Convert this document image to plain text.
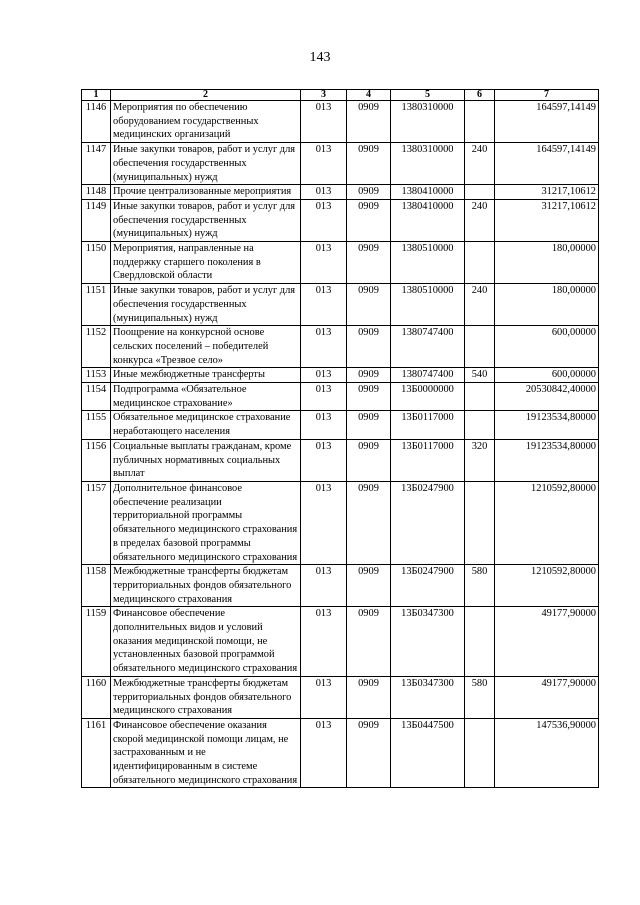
143
1	2	3	4	5	6	7
1146	Мероприятия по обеспечению оборудованием государственных медицинских организаций	013	0909	1380310000		164597,14149
1147	Иные закупки товаров, работ и услуг для обеспечения государственных (муниципальных) нужд	013	0909	1380310000	240	164597,14149
1148	Прочие централизованные мероприятия	013	0909	1380410000		31217,10612
1149	Иные закупки товаров, работ и услуг для обеспечения государственных (муниципальных) нужд	013	0909	1380410000	240	31217,10612
1150	Мероприятия, направленные на поддержку старшего поколения в Свердловской области	013	0909	1380510000		180,00000
1151	Иные закупки товаров, работ и услуг для обеспечения государственных (муниципальных) нужд	013	0909	1380510000	240	180,00000
1152	Поощрение на конкурсной основе сельских поселений – победителей конкурса «Трезвое село»	013	0909	1380747400		600,00000
1153	Иные межбюджетные трансферты	013	0909	1380747400	540	600,00000
1154	Подпрограмма «Обязательное медицинское страхование»	013	0909	13Б0000000		20530842,40000
1155	Обязательное медицинское страхование неработающего населения	013	0909	13Б0117000		19123534,80000
1156	Социальные выплаты гражданам, кроме публичных нормативных социальных выплат	013	0909	13Б0117000	320	19123534,80000
1157	Дополнительное финансовое обеспечение реализации территориальной программы обязательного медицинского страхования в пределах базовой программы обязательного медицинского страхования	013	0909	13Б0247900		1210592,80000
1158	Межбюджетные трансферты бюджетам территориальных фондов обязательного медицинского страхования	013	0909	13Б0247900	580	1210592,80000
1159	Финансовое обеспечение дополнительных видов и условий оказания медицинской помощи, не установленных базовой программой обязательного медицинского страхования	013	0909	13Б0347300		49177,90000
1160	Межбюджетные трансферты бюджетам территориальных фондов обязательного медицинского страхования	013	0909	13Б0347300	580	49177,90000
1161	Финансовое обеспечение оказания скорой медицинской помощи лицам, не застрахованным и не идентифицированным в системе обязательного медицинского страхования	013	0909	13Б0447500		147536,90000
